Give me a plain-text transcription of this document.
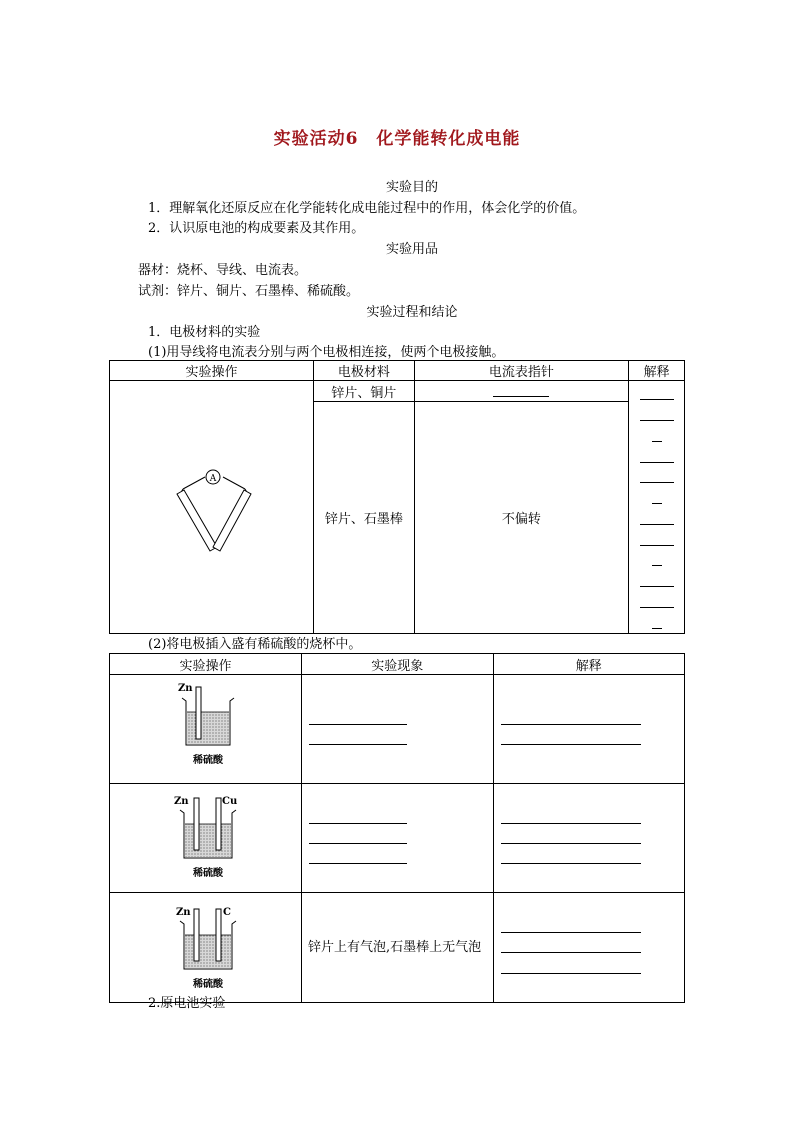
实验活动6　化学能转化成电能
实验目的
1．理解氧化还原反应在化学能转化成电能过程中的作用，体会化学的价值。
2．认识原电池的构成要素及其作用。
实验用品
器材：烧杯、导线、电流表。
试剂：锌片、铜片、石墨棒、稀硫酸。
实验过程和结论
1．电极材料的实验
(1)用导线将电流表分别与两个电极相连接，使两个电极接触。
实验操作	电极材料	电流表指针	解释

A	锌片、铜片		

	锌片、石墨棒	不偏转	
(2)将电极插入盛有稀硫酸的烧杯中。
实验操作	实验现象	解释

Zn
稀硫酸		

Zn Cu
稀硫酸		

Zn C
稀硫酸	锌片上有气泡,石墨棒上无气泡	
2.原电池实验
